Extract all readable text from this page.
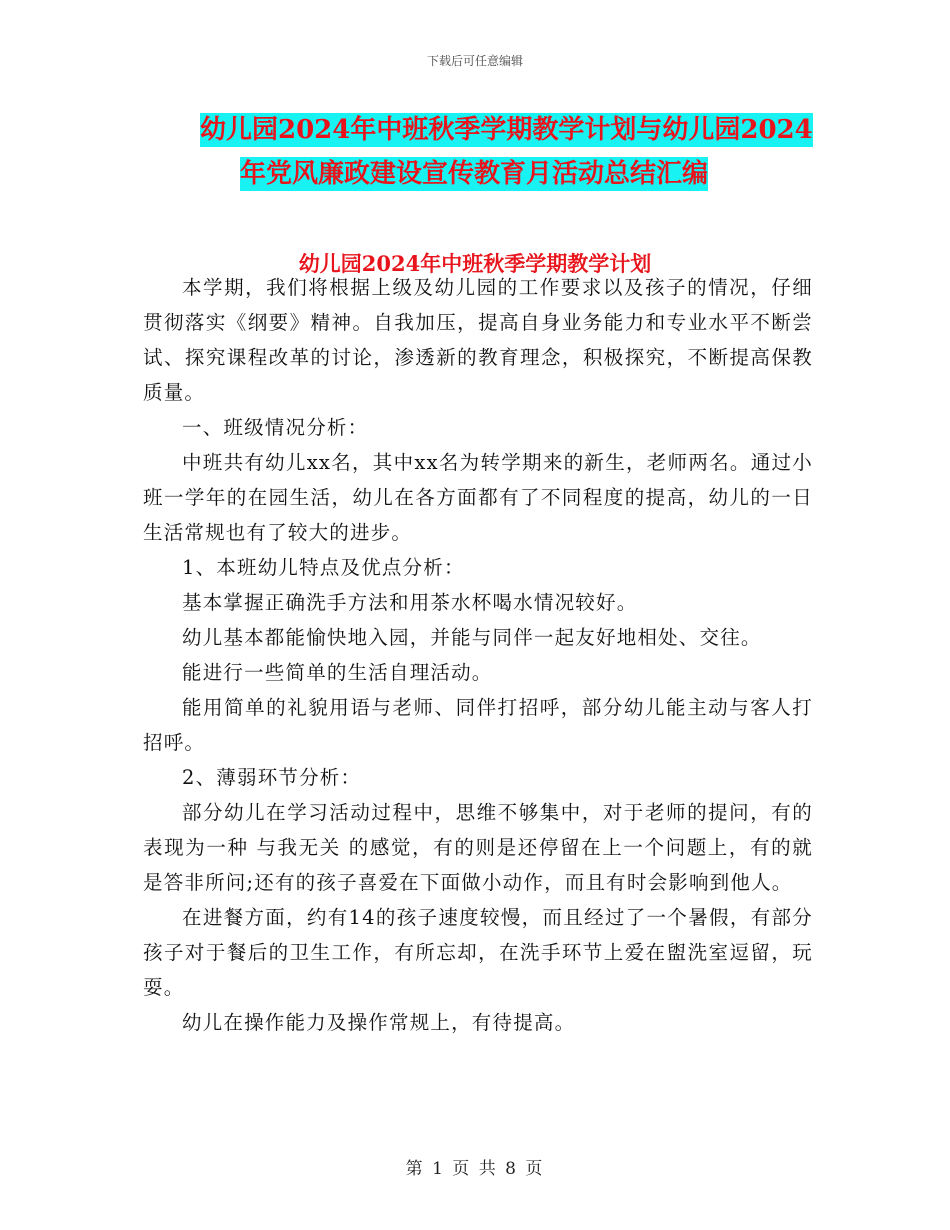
下载后可任意编辑
幼儿园2024年中班秋季学期教学计划与幼儿园2024
年党风廉政建设宣传教育月活动总结汇编
幼儿园2024年中班秋季学期教学计划

本学期，我们将根据上级及幼儿园的工作要求以及孩子的情况，仔细贯彻落实《纲要》精神。自我加压，提高自身业务能力和专业水平不断尝试、探究课程改革的讨论，渗透新的教育理念，积极探究，不断提高保教质量。

一、班级情况分析：

中班共有幼儿xx名，其中xx名为转学期来的新生，老师两名。通过小班一学年的在园生活，幼儿在各方面都有了不同程度的提高，幼儿的一日生活常规也有了较大的进步。

1、本班幼儿特点及优点分析：

基本掌握正确洗手方法和用茶水杯喝水情况较好。

幼儿基本都能愉快地入园，并能与同伴一起友好地相处、交往。

能进行一些简单的生活自理活动。

能用简单的礼貌用语与老师、同伴打招呼，部分幼儿能主动与客人打招呼。

2、薄弱环节分析：

部分幼儿在学习活动过程中，思维不够集中，对于老师的提问，有的表现为一种 与我无关 的感觉，有的则是还停留在上一个问题上，有的就是答非所问;还有的孩子喜爱在下面做小动作，而且有时会影响到他人。

在进餐方面，约有14的孩子速度较慢，而且经过了一个暑假，有部分孩子对于餐后的卫生工作，有所忘却，在洗手环节上爱在盥洗室逗留，玩耍。

幼儿在操作能力及操作常规上，有待提高。

第 1 页 共 8 页
